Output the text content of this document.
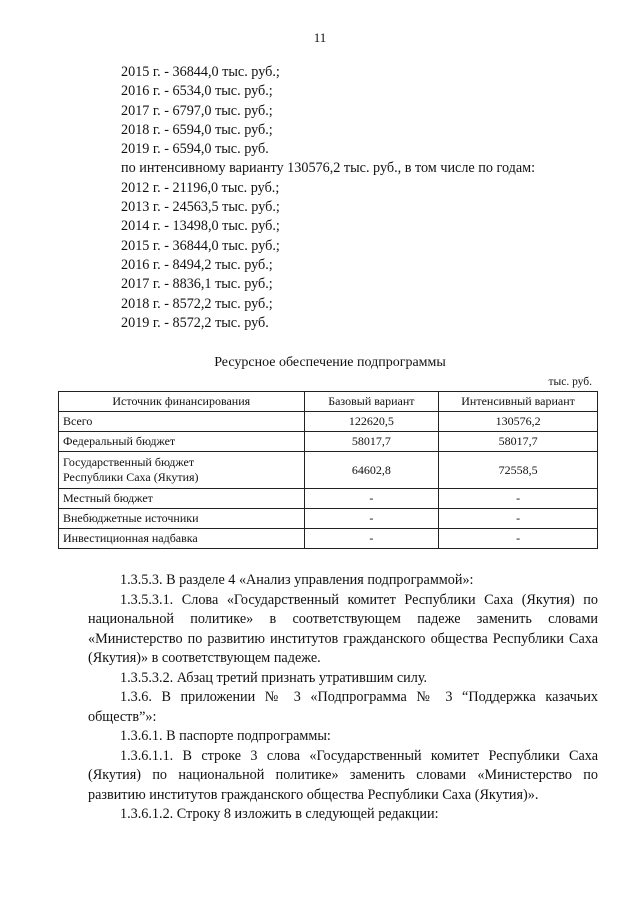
11
2015 г. - 36844,0 тыс. руб.;
2016 г. - 6534,0 тыс. руб.;
2017 г. - 6797,0 тыс. руб.;
2018 г. - 6594,0 тыс. руб.;
2019 г. - 6594,0 тыс. руб.
по интенсивному варианту 130576,2 тыс. руб., в том числе по годам:
2012 г. - 21196,0 тыс. руб.;
2013 г. - 24563,5 тыс. руб.;
2014 г. - 13498,0 тыс. руб.;
2015 г. - 36844,0 тыс. руб.;
2016 г. - 8494,2 тыс. руб.;
2017 г. - 8836,1 тыс. руб.;
2018 г. - 8572,2 тыс. руб.;
2019 г. - 8572,2 тыс. руб.
Ресурсное обеспечение подпрограммы
тыс. руб.
Источник финансирования	Базовый вариант	Интенсивный вариант
Всего	122620,5	130576,2
Федеральный бюджет	58017,7	58017,7

Государственный бюджет
Республики Саха (Якутия)	64602,8	72558,5
Местный бюджет	-	-
Внебюджетные источники	-	-
Инвестиционная надбавка	-	-

1.3.5.3. В разделе 4 «Анализ управления подпрограммой»:

1.3.5.3.1. Слова «Государственный комитет Республики Саха (Якутия) по национальной политике» в соответствующем падеже заменить словами «Министерство по развитию институтов гражданского общества Республики Саха (Якутия)» в соответствующем падеже.

1.3.5.3.2. Абзац третий признать утратившим силу.

1.3.6. В приложении № 3 «Подпрограмма № 3 “Поддержка казачьих обществ”»:

1.3.6.1. В паспорте подпрограммы:

1.3.6.1.1. В строке 3 слова «Государственный комитет Республики Саха (Якутия) по национальной политике» заменить словами «Министерство по развитию институтов гражданского общества Республики Саха (Якутия)».

1.3.6.1.2. Строку 8 изложить в следующей редакции:
